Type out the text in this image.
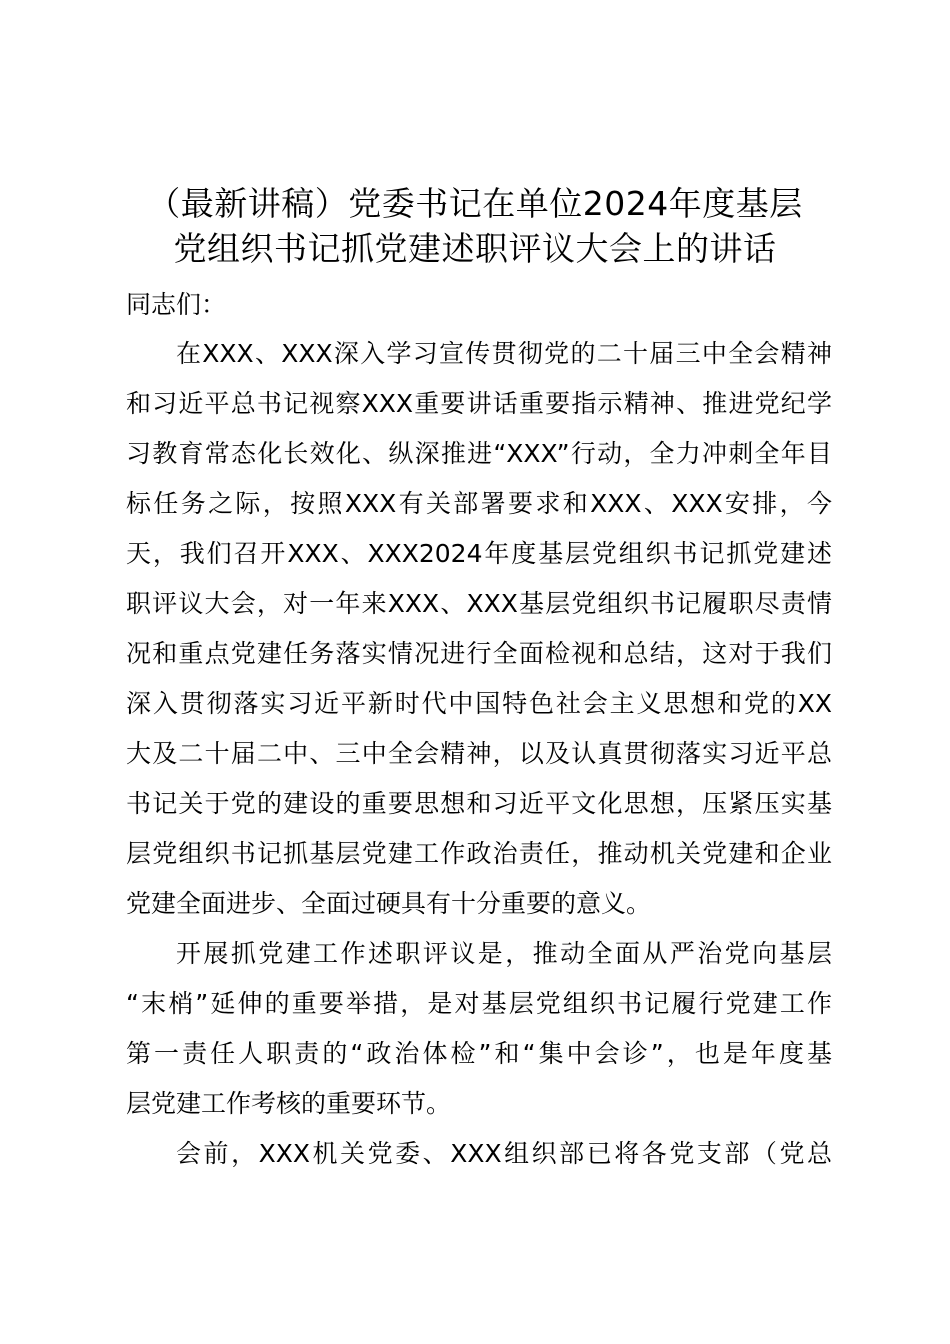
（最新讲稿）党委书记在单位2024年度基层
党组织书记抓党建述职评议大会上的讲话
同志们：
在XXX、XXX深入学习宣传贯彻党的二十届三中全会精神
和习近平总书记视察XXX重要讲话重要指示精神、推进党纪学
习教育常态化长效化、纵深推进“XXX”行动，全力冲刺全年目
标任务之际，按照XXX有关部署要求和XXX、XXX安排，今
天，我们召开XXX、XXX2024年度基层党组织书记抓党建述
职评议大会，对一年来XXX、XXX基层党组织书记履职尽责情
况和重点党建任务落实情况进行全面检视和总结，这对于我们
深入贯彻落实习近平新时代中国特色社会主义思想和党的XX
大及二十届二中、三中全会精神，以及认真贯彻落实习近平总
书记关于党的建设的重要思想和习近平文化思想，压紧压实基
层党组织书记抓基层党建工作政治责任，推动机关党建和企业
党建全面进步、全面过硬具有十分重要的意义。
开展抓党建工作述职评议是，推动全面从严治党向基层
“末梢”延伸的重要举措，是对基层党组织书记履行党建工作
第一责任人职责的“政治体检”和“集中会诊”，也是年度基
层党建工作考核的重要环节。
会前，XXX机关党委、XXX组织部已将各党支部（党总
